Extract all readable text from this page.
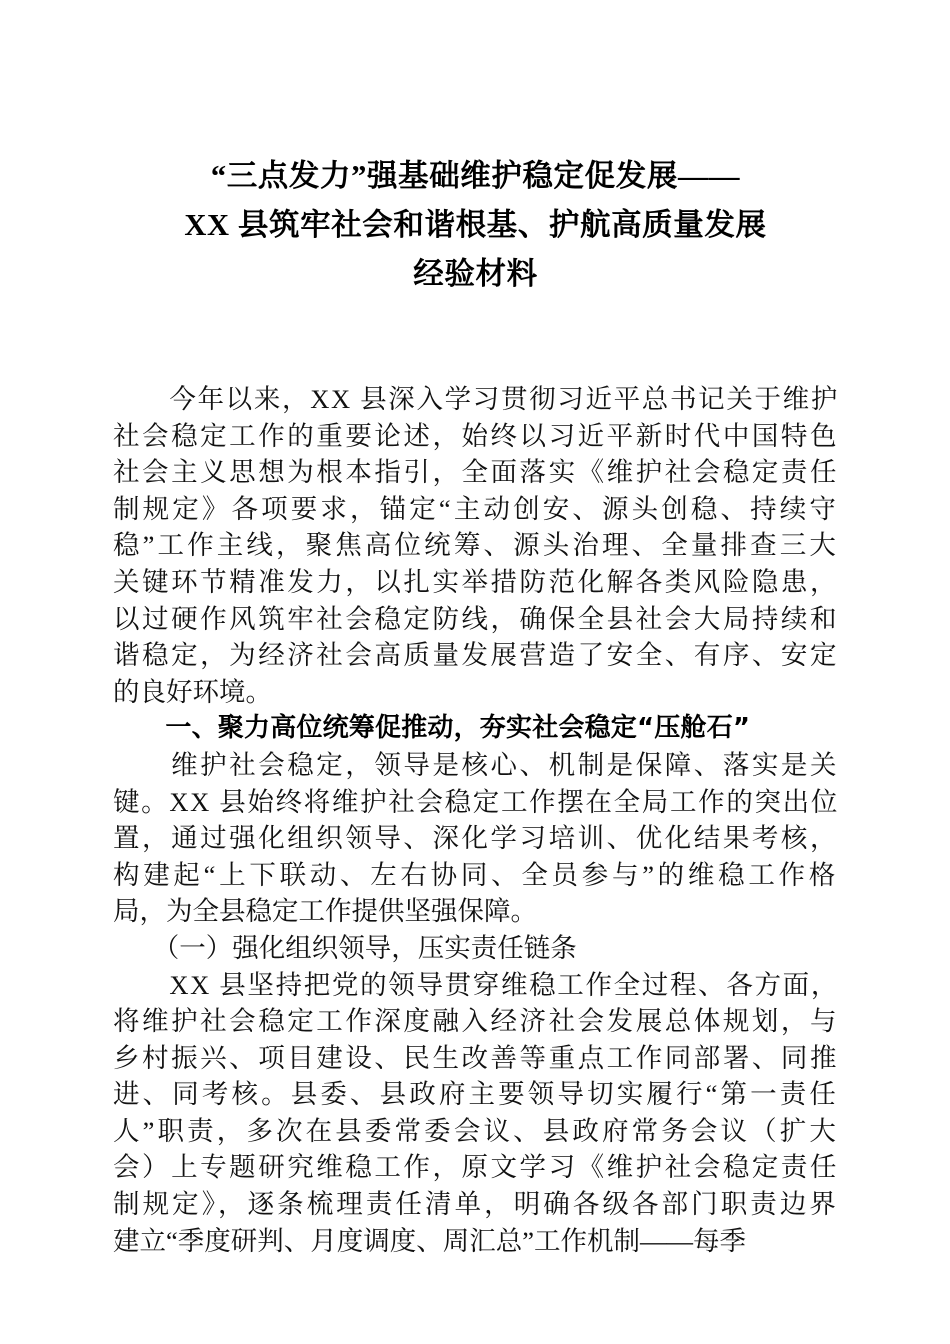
“三点发力”强基础维护稳定促发展——
XX 县筑牢社会和谐根基、护航高质量发展
经验材料

　　今年以来，XX 县深入学习贯彻习近平总书记关于维护
社会稳定工作的重要论述，始终以习近平新时代中国特色
社会主义思想为根本指引，全面落实《维护社会稳定责任
制规定》各项要求，锚定“主动创安、源头创稳、持续守
稳”工作主线，聚焦高位统筹、源头治理、全量排查三大
关键环节精准发力，以扎实举措防范化解各类风险隐患，
以过硬作风筑牢社会稳定防线，确保全县社会大局持续和
谐稳定，为经济社会高质量发展营造了安全、有序、安定
的良好环境。

　　一、聚力高位统筹促推动，夯实社会稳定“压舱石”

　　维护社会稳定，领导是核心、机制是保障、落实是关
键。XX 县始终将维护社会稳定工作摆在全局工作的突出位
置，通过强化组织领导、深化学习培训、优化结果考核，
构建起“上下联动、左右协同、全员参与”的维稳工作格
局，为全县稳定工作提供坚强保障。

　　（一）强化组织领导，压实责任链条

　　XX 县坚持把党的领导贯穿维稳工作全过程、各方面，
将维护社会稳定工作深度融入经济社会发展总体规划，与
乡村振兴、项目建设、民生改善等重点工作同部署、同推
进、同考核。县委、县政府主要领导切实履行“第一责任
人”职责，多次在县委常委会议、县政府常务会议（扩大
会）上专题研究维稳工作，原文学习《维护社会稳定责任
制规定》，逐条梳理责任清单，明确各级各部门职责边界
建立“季度研判、月度调度、周汇总”工作机制——每季
